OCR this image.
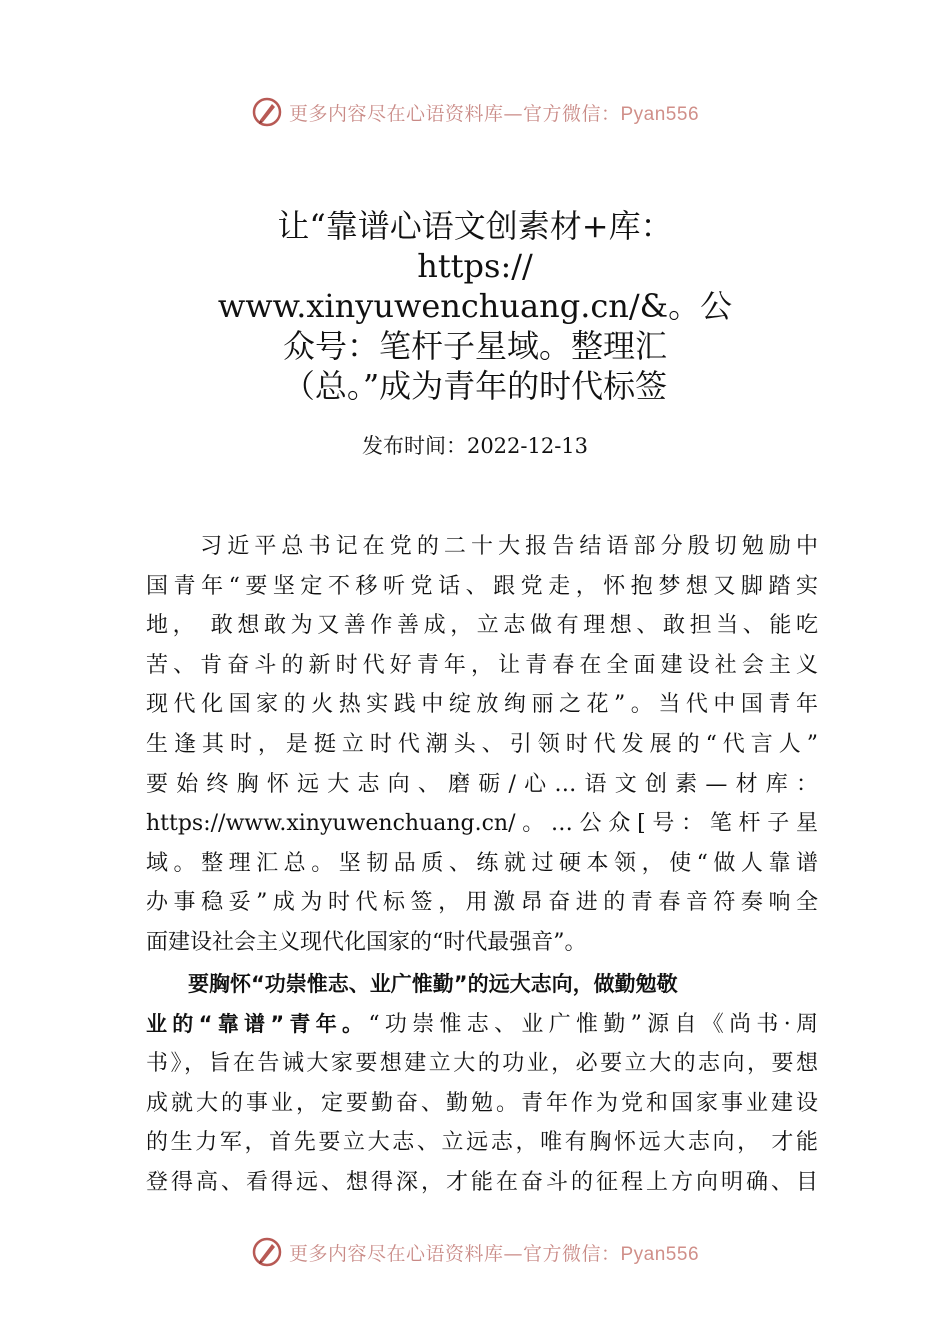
更多内容尽在心语资料库—官方微信：Pyan556
让“靠谱心语文创素材+库：
https://
www.xinyuwenchuang.cn/&。公
众号：笔杆子星域。整理汇
（总。”成为青年的时代标签
发布时间：2022-12-13
　　习近平总书记在党的二十大报告结语部分殷切勉励中
国青年“要坚定不移听党话、跟党走，怀抱梦想又脚踏实
地， 敢想敢为又善作善成，立志做有理想、敢担当、能吃
苦、肯奋斗的新时代好青年，让青春在全面建设社会主义
现代化国家的火热实践中绽放绚丽之花”。当代中国青年
生逢其时，是挺立时代潮头、引领时代发展的“代言人”
要始终胸怀远大志向、磨砺/心…语文创素—材库：
https://www.xinyuwenchuang.cn/。…公众[号：笔杆子星
域。整理汇总。坚韧品质、练就过硬本领，使“做人靠谱
办事稳妥”成为时代标签，用激昂奋进的青春音符奏响全
面建设社会主义现代化国家的“时代最强音”。
　　要胸怀“功崇惟志、业广惟勤”的远大志向，做勤勉敬
业的“靠谱”青年。“功崇惟志、业广惟勤”源自《尚书·周
书》，旨在告诫大家要想建立大的功业，必要立大的志向，要想
成就大的事业，定要勤奋、勤勉。青年作为党和国家事业建设
的生力军，首先要立大志、立远志，唯有胸怀远大志向， 才能
登得高、看得远、想得深，才能在奋斗的征程上方向明确、目
更多内容尽在心语资料库—官方微信：Pyan556
